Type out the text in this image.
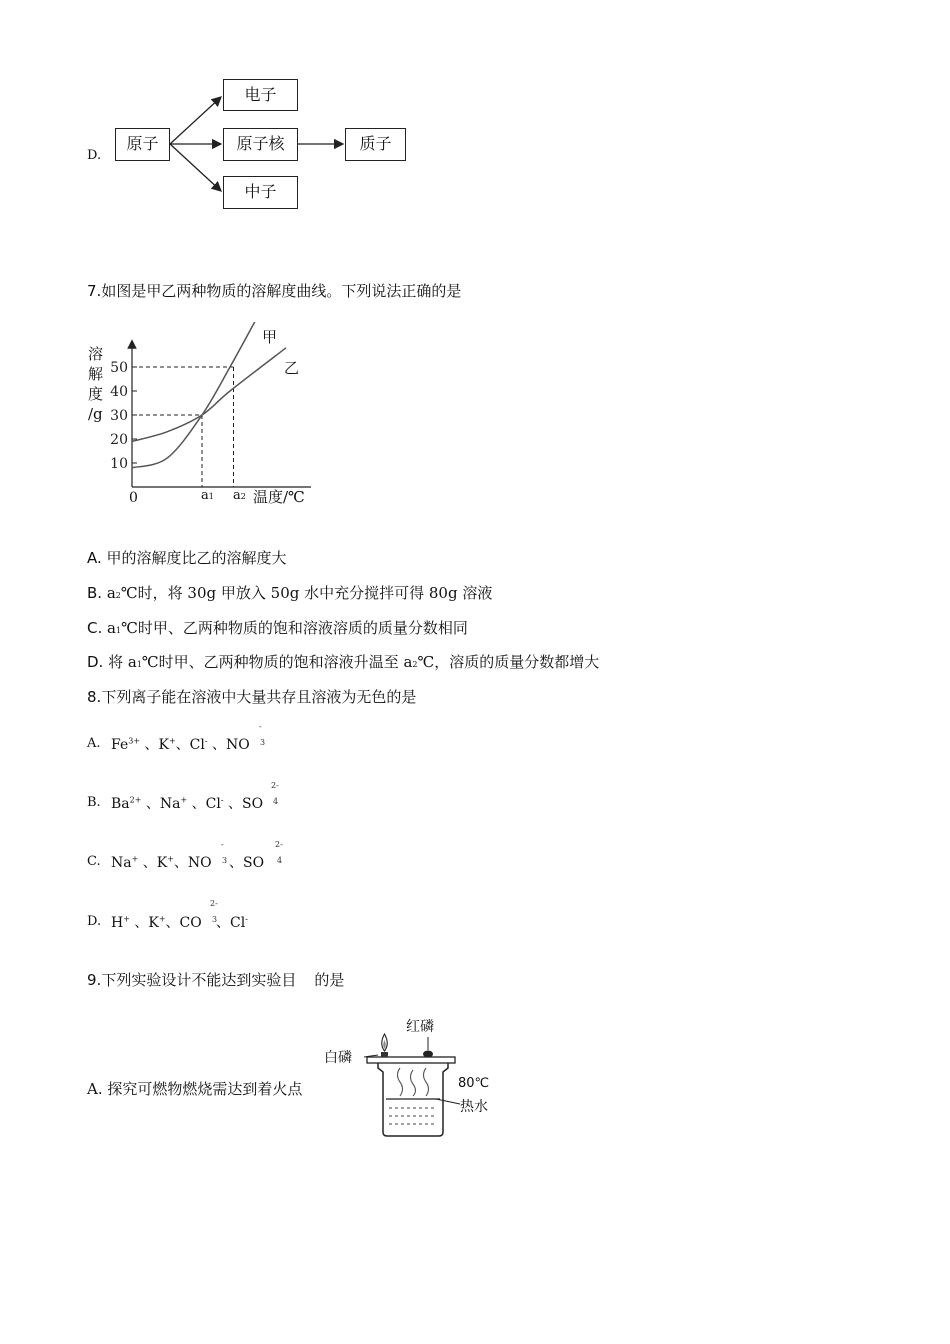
D.
原子
电子
原子核
中子
质子
7.如图是甲乙两种物质的溶解度曲线。下列说法正确的是
溶
解
度
/g
10
20
30
40
50
0	a1 a2 温度/℃
甲
乙
A. 甲的溶解度比乙的溶解度大
B. a2℃时，将 30g 甲放入 50g 水中充分搅拌可得 80g 溶液
C. a1℃时甲、乙两种物质的饱和溶液溶质的质量分数相同
D. 将 a1℃时甲、乙两种物质的饱和溶液升温至 a2℃，溶质的质量分数都增大
8.下列离子能在溶液中大量共存且溶液为无色的是
A. $Fe^{3+}$ 、K+、Cl- 、NO
-
3
B. $Ba^{2+}$ 、Na+ 、Cl- 、SO
2-
4
C. Na+ 、K+、NO
-
3 、SO
2-
4
D. H+ 、K+、CO
2-
3
、Cl-
9.下列实验设计不能达到实验目 的是
A. 探究可燃物燃烧需达到着火点
红磷
白磷
80℃
热水
